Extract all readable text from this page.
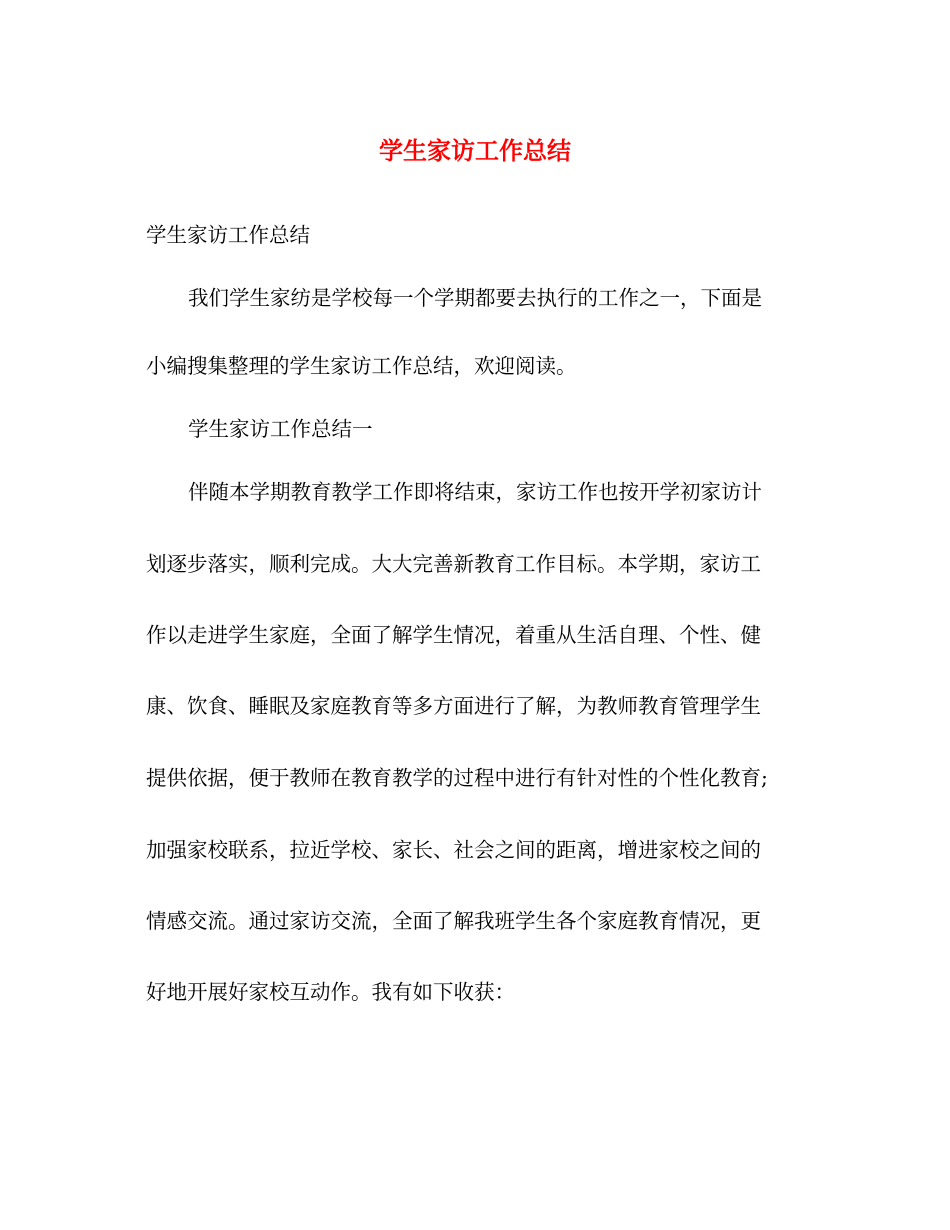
学生家访工作总结
学生家访工作总结
我们学生家纺是学校每一个学期都要去执行的工作之一，下面是
小编搜集整理的学生家访工作总结，欢迎阅读。
学生家访工作总结一
伴随本学期教育教学工作即将结束，家访工作也按开学初家访计
划逐步落实，顺利完成。大大完善新教育工作目标。本学期，家访工
作以走进学生家庭，全面了解学生情况，着重从生活自理、个性、健
康、饮食、睡眠及家庭教育等多方面进行了解，为教师教育管理学生
提供依据，便于教师在教育教学的过程中进行有针对性的个性化教育;
加强家校联系，拉近学校、家长、社会之间的距离，增进家校之间的
情感交流。通过家访交流，全面了解我班学生各个家庭教育情况，更
好地开展好家校互动作。我有如下收获：
